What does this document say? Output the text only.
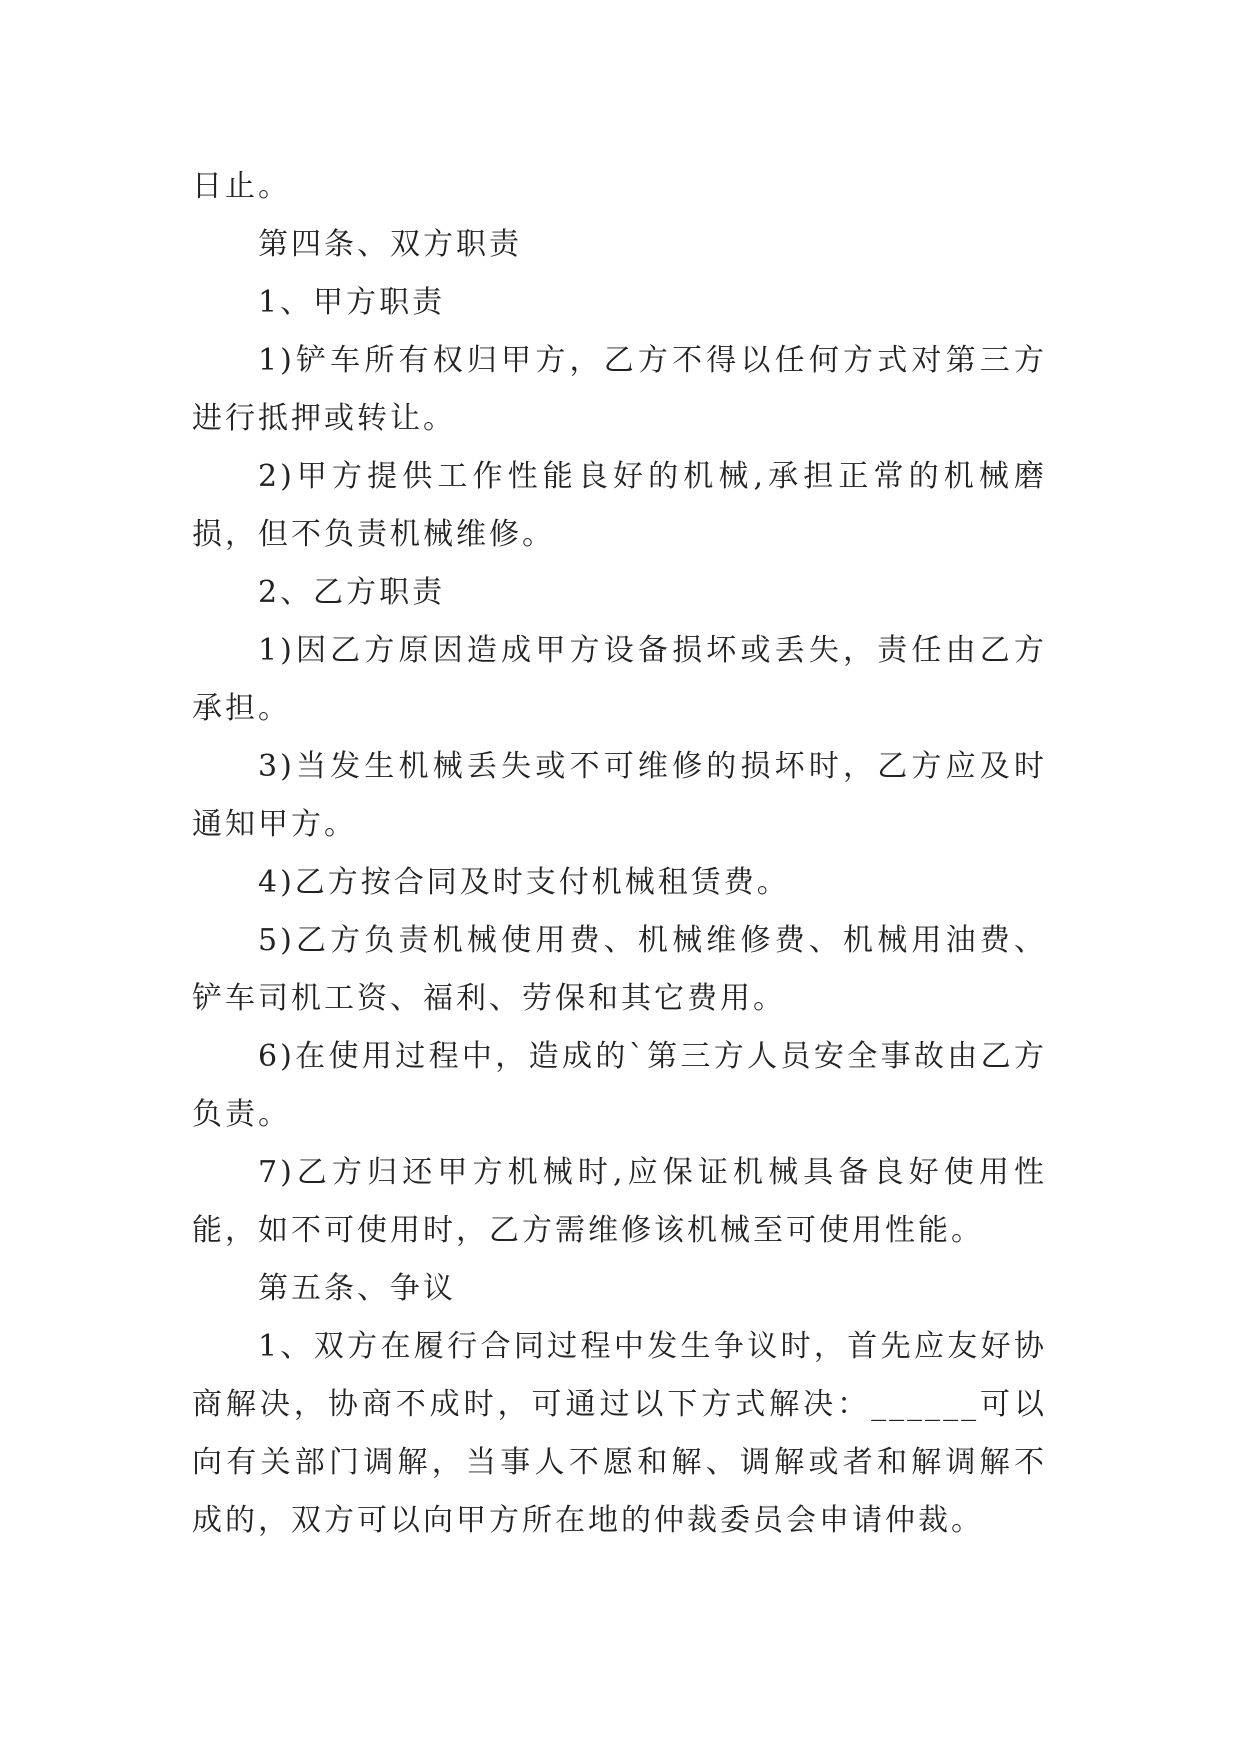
日止。

第四条、双方职责

1、甲方职责

1)铲车所有权归甲方，乙方不得以任何方式对第三方进行抵押或转让。

2)甲方提供工作性能良好的机械,承担正常的机械磨损，但不负责机械维修。

2、乙方职责

1)因乙方原因造成甲方设备损坏或丢失，责任由乙方承担。

3)当发生机械丢失或不可维修的损坏时，乙方应及时通知甲方。

4)乙方按合同及时支付机械租赁费。

5)乙方负责机械使用费、机械维修费、机械用油费、铲车司机工资、福利、劳保和其它费用。

6)在使用过程中，造成的`第三方人员安全事故由乙方负责。

7)乙方归还甲方机械时,应保证机械具备良好使用性能，如不可使用时，乙方需维修该机械至可使用性能。

第五条、争议

1、双方在履行合同过程中发生争议时，首先应友好协商解决，协商不成时，可通过以下方式解决：______可以向有关部门调解，当事人不愿和解、调解或者和解调解不成的，双方可以向甲方所在地的仲裁委员会申请仲裁。
